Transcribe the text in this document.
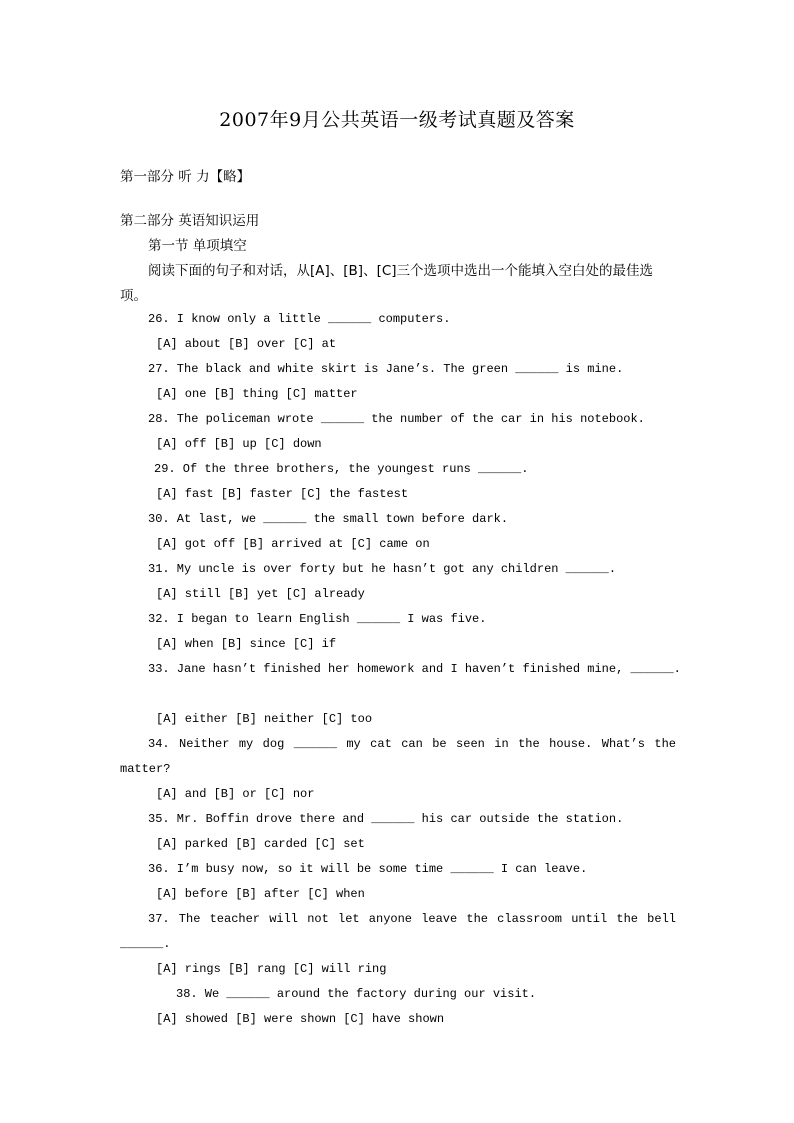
2007年9月公共英语一级考试真题及答案
第一部分 听 力【略】
第二部分 英语知识运用
第一节 单项填空
阅读下面的句子和对话，从[A]、[B]、[C]三个选项中选出一个能填入空白处的最佳选
项。
26. I know only a little ______ computers.
[A] about [B] over [C] at
27. The black and white skirt is Jane’s. The green ______ is mine.
[A] one [B] thing [C] matter
28. The policeman wrote ______ the number of the car in his notebook.
[A] off [B] up [C] down
29. Of the three brothers, the youngest runs ______.
[A] fast [B] faster [C] the fastest
30. At last, we ______ the small town before dark.
[A] got off [B] arrived at [C] came on
31. My uncle is over forty but he hasn’t got any children ______.
[A] still [B] yet [C] already
32. I began to learn English ______ I was five.
[A] when [B] since [C] if
33. Jane hasn’t finished her homework and I haven’t finished mine, ______.
[A] either [B] neither [C] too
34. Neither my dog ______ my cat can be seen in the house. What’s the
matter?
[A] and [B] or [C] nor
35. Mr. Boffin drove there and ______ his car outside the station.
[A] parked [B] carded [C] set
36. I’m busy now, so it will be some time ______ I can leave.
[A] before [B] after [C] when
37. The teacher will not let anyone leave the classroom until the bell
______.
[A] rings [B] rang [C] will ring
38. We ______ around the factory during our visit.
[A] showed [B] were shown [C] have shown
